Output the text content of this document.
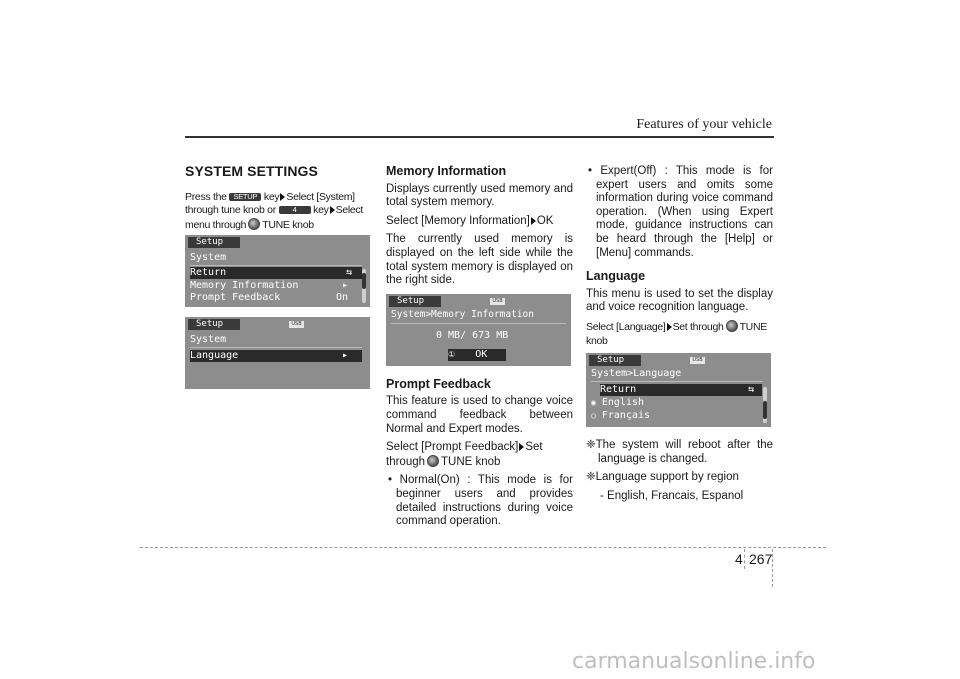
Features of your vehicle
SYSTEM SETTINGS

Press the SETUP key Select [System]
through tune knob or 4 key Select
menu through TUNE knob

Setup
System
Return	⇆
Memory Information	▸
Prompt Feedback	On
Setup	USB
System
Language	▸
Memory Information

Displays currently used memory and total system memory.

Select [Memory Information] OK

The currently used memory is displayed on the left side while the total system memory is displayed on the right side.

Setup	USB
System>Memory Information
0 MB/ 673 MB
① OK
Prompt Feedback

This feature is used to change voice command feedback between Normal and Expert modes.

Select [Prompt Feedback] Set
through TUNE knob

• Normal(On) : This mode is for beginner users and provides detailed instructions during voice command operation.

• Expert(Off) : This mode is for expert users and omits some information during voice command operation. (When using Expert mode, guidance instructions can be heard through the [Help] or [Menu] commands.

Language

This menu is used to set the display and voice recognition language.

Select [Language] Set through TUNE knob

Setup	USB
System>Language
Return	⇆
◉ English
○ Français

❈The system will reboot after the language is changed.

❈Language support by region

- English, Francais, Espanol

4 267
carmanualsonline.info
